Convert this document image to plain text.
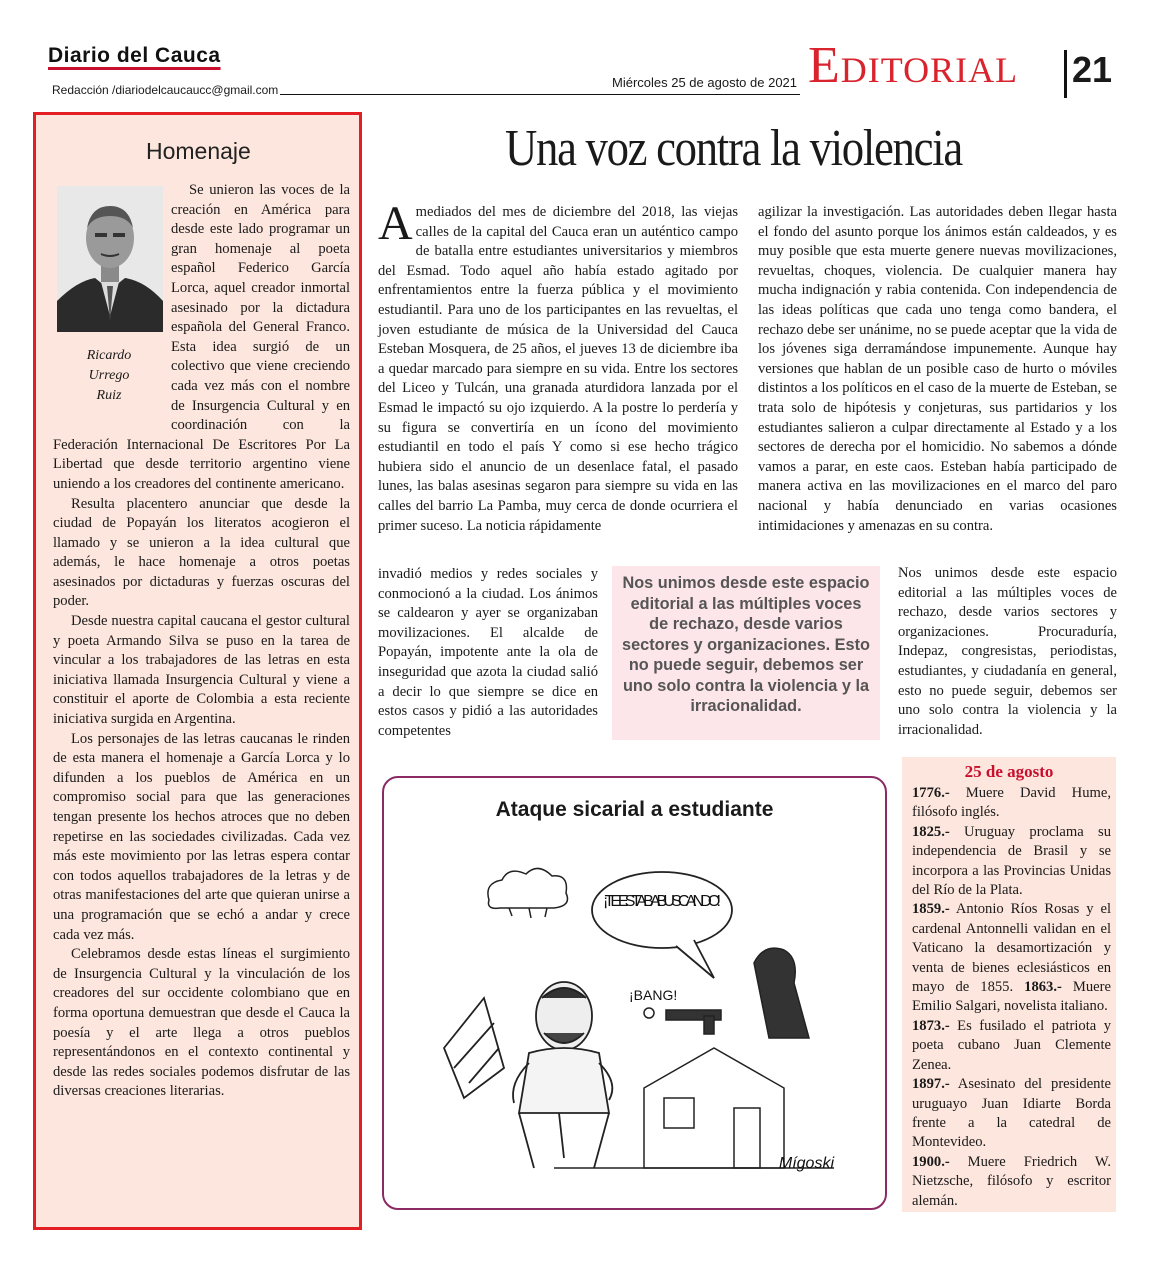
Diario del Cauca
Redacción /diariodelcaucaucc@gmail.com	Miércoles 25 de agosto de 2021 Editorial 21
Homenaje
Ricardo
Urrego
Ruiz

Se unieron las voces de la creación en América para desde este lado programar un gran homenaje al poeta español Federico García Lorca, aquel creador inmortal asesinado por la dictadura española del General Franco. Esta idea surgió de un colectivo que viene creciendo cada vez más con el nombre de Insurgencia Cultural y en coordinación con la Federación Internacional De Escritores Por La Libertad que desde territorio argentino viene uniendo a los creadores del continente americano.

Resulta placentero anunciar que desde la ciudad de Popayán los literatos acogieron el llamado y se unieron a la idea cultural que además, le hace homenaje a otros poetas asesinados por dictaduras y fuerzas oscuras del poder.

Desde nuestra capital caucana el gestor cultural y poeta Armando Silva se puso en la tarea de vincular a los trabajadores de las letras en esta iniciativa llamada Insurgencia Cultural y viene a constituir el aporte de Colombia a esta reciente iniciativa surgida en Argentina.

Los personajes de las letras caucanas le rinden de esta manera el homenaje a García Lorca y lo difunden a los pueblos de América en un compromiso social para que las generaciones tengan presente los hechos atroces que no deben repetirse en las sociedades civilizadas. Cada vez más este movimiento por las letras espera contar con todos aquellos trabajadores de la letras y de otras manifestaciones del arte que quieran unirse a una programación que se echó a andar y crece cada vez más.

Celebramos desde estas líneas el surgimiento de Insurgencia Cultural y la vinculación de los creadores del sur occidente colombiano que en forma oportuna demuestran que desde el Cauca la poesía y el arte llega a otros pueblos representándonos en el contexto continental y desde las redes sociales podemos disfrutar de las diversas creaciones literarias.

Una voz contra la violencia
A mediados del mes de diciembre del 2018, las viejas calles de la capital del Cauca eran un auténtico campo de batalla entre estudiantes universitarios y miembros del Esmad. Todo aquel año había estado agitado por enfrentamientos entre la fuerza pública y el movimiento estudiantil. Para uno de los participantes en las revueltas, el joven estudiante de música de la Universidad del Cauca Esteban Mosquera, de 25 años, el jueves 13 de diciembre iba a quedar marcado para siempre en su vida. Entre los sectores del Liceo y Tulcán, una granada aturdidora lanzada por el Esmad le impactó su ojo izquierdo. A la postre lo perdería y su figura se convertiría en un ícono del movimiento estudiantil en todo el país Y como si ese hecho trágico hubiera sido el anuncio de un desenlace fatal, el pasado lunes, las balas asesinas segaron para siempre su vida en las calles del barrio La Pamba, muy cerca de donde ocurriera el primer suceso. La noticia rápidamente

invadió medios y redes sociales y conmocionó a la ciudad. Los ánimos se caldearon y ayer se organizaban movilizaciones. El alcalde de Popayán, impotente ante la ola de inseguridad que azota la ciudad salió a decir lo que siempre se dice en estos casos y pidió a las autoridades competentes

agilizar la investigación. Las autoridades deben llegar hasta el fondo del asunto porque los ánimos están caldeados, y es muy posible que esta muerte genere nuevas movilizaciones, revueltas, choques, violencia. De cualquier manera hay mucha indignación y rabia contenida. Con independencia de las ideas políticas que cada uno tenga como bandera, el rechazo debe ser unánime, no se puede aceptar que la vida de los jóvenes siga derramándose impunemente. Aunque hay versiones que hablan de un posible caso de hurto o móviles distintos a los políticos en el caso de la muerte de Esteban, se trata solo de hipótesis y conjeturas, sus partidarios y los estudiantes salieron a culpar directamente al Estado y a los sectores de derecha por el homicidio. No sabemos a dónde vamos a parar, en este caos. Esteban había participado de manera activa en las movilizaciones en el marco del paro nacional y había denunciado en varias ocasiones intimidaciones y amenazas en su contra.

Nos unimos desde este espacio editorial a las múltiples voces de rechazo, desde varios sectores y organizaciones. Procuraduría, Indepaz, congresistas, periodistas, estudiantes, y ciudadanía en general, esto no puede seguir, debemos ser uno solo contra la violencia y la irracionalidad.

Nos unimos desde este espacio editorial a las múltiples voces de rechazo, desde varios sectores y organizaciones. Esto no puede seguir, debemos ser uno solo contra la violencia y la irracionalidad.
Ataque sicarial a estudiante
¡TE ESTABA BUSCANDO!
¡BANG!
Mígoski
25 de agosto

1776.- Muere David Hume, filósofo inglés.

1825.- Uruguay proclama su independencia de Brasil y se incorpora a las Provincias Unidas del Río de la Plata.

1859.- Antonio Ríos Rosas y el cardenal Antonnelli validan en el Vaticano la desamortización y venta de bienes eclesiásticos en mayo de 1855. 1863.- Muere Emilio Salgari, novelista italiano.

1873.- Es fusilado el patriota y poeta cubano Juan Clemente Zenea.

1897.- Asesinato del presidente uruguayo Juan Idiarte Borda frente a la catedral de Montevideo.

1900.- Muere Friedrich W. Nietzsche, filósofo y escritor alemán.
